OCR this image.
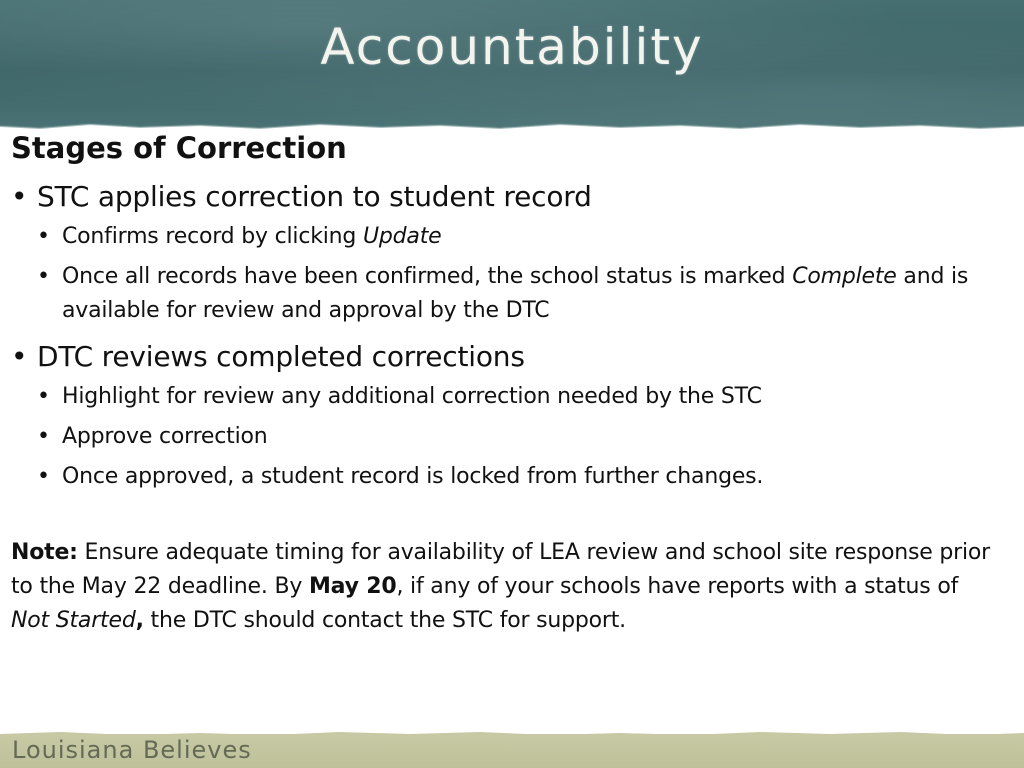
Accountability
Stages of Correction
• STC applies correction to student record
• Confirms record by clicking Update
• Once all records have been confirmed, the school status is marked Complete and is available for review and approval by the DTC
• DTC reviews completed corrections
• Highlight for review any additional correction needed by the STC
• Approve correction
• Once approved, a student record is locked from further changes.
Note: Ensure adequate timing for availability of LEA review and school site response prior to the May 22 deadline. By May 20, if any of your schools have reports with a status of Not Started, the DTC should contact the STC for support.
Louisiana Believes
